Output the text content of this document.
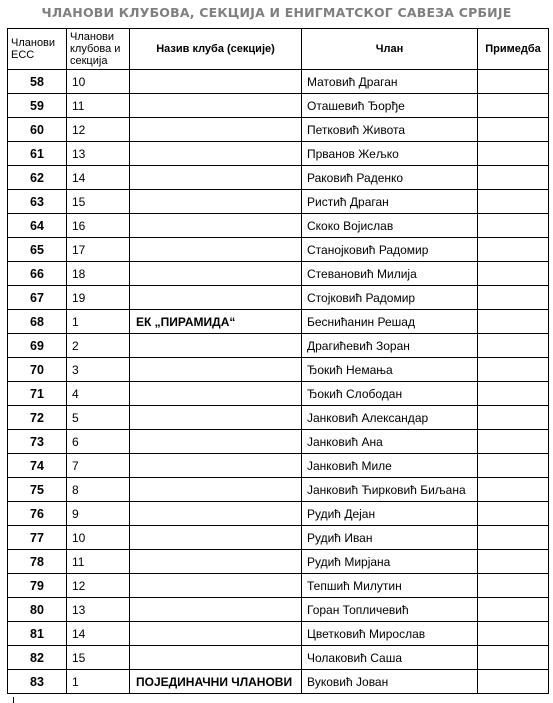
ЧЛАНОВИ КЛУБОВА, СЕКЦИЈА И ЕНИГМАТСКОГ САВЕЗА СРБИЈЕ
Чланови ЕСС	Чланови клубова и секција	Назив клуба (секције)	Члан	Примедба
58	10		Матовић Драган	
59	11		Оташевић Ђорђе	
60	12		Петковић Живота	
61	13		Прванов Жељко	
62	14		Раковић Раденко	
63	15		Ристић Драган	
64	16		Скоко Војислав	
65	17		Станојковић Радомир	
66	18		Стевановић Милија	
67	19		Стојковић Радомир	
68	1	ЕК „ПИРАМИДА“	Беснићанин Решад	
69	2		Драгићевић Зоран	
70	3		Ђокић Немања	
71	4		Ђокић Слободан	
72	5		Јанковић Александар	
73	6		Јанковић Ана	
74	7		Јанковић Миле	
75	8		Јанковић Ћирковић Биљана	
76	9		Рудић Дејан	
77	10		Рудић Иван	
78	11		Рудић Мирјана	
79	12		Тепшић Милутин	
80	13		Горан Топличевић	
81	14		Цветковић Мирослав	
82	15		Чолаковић Саша	
83	1	ПОЈЕДИНАЧНИ ЧЛАНОВИ	Вуковић Јован	
